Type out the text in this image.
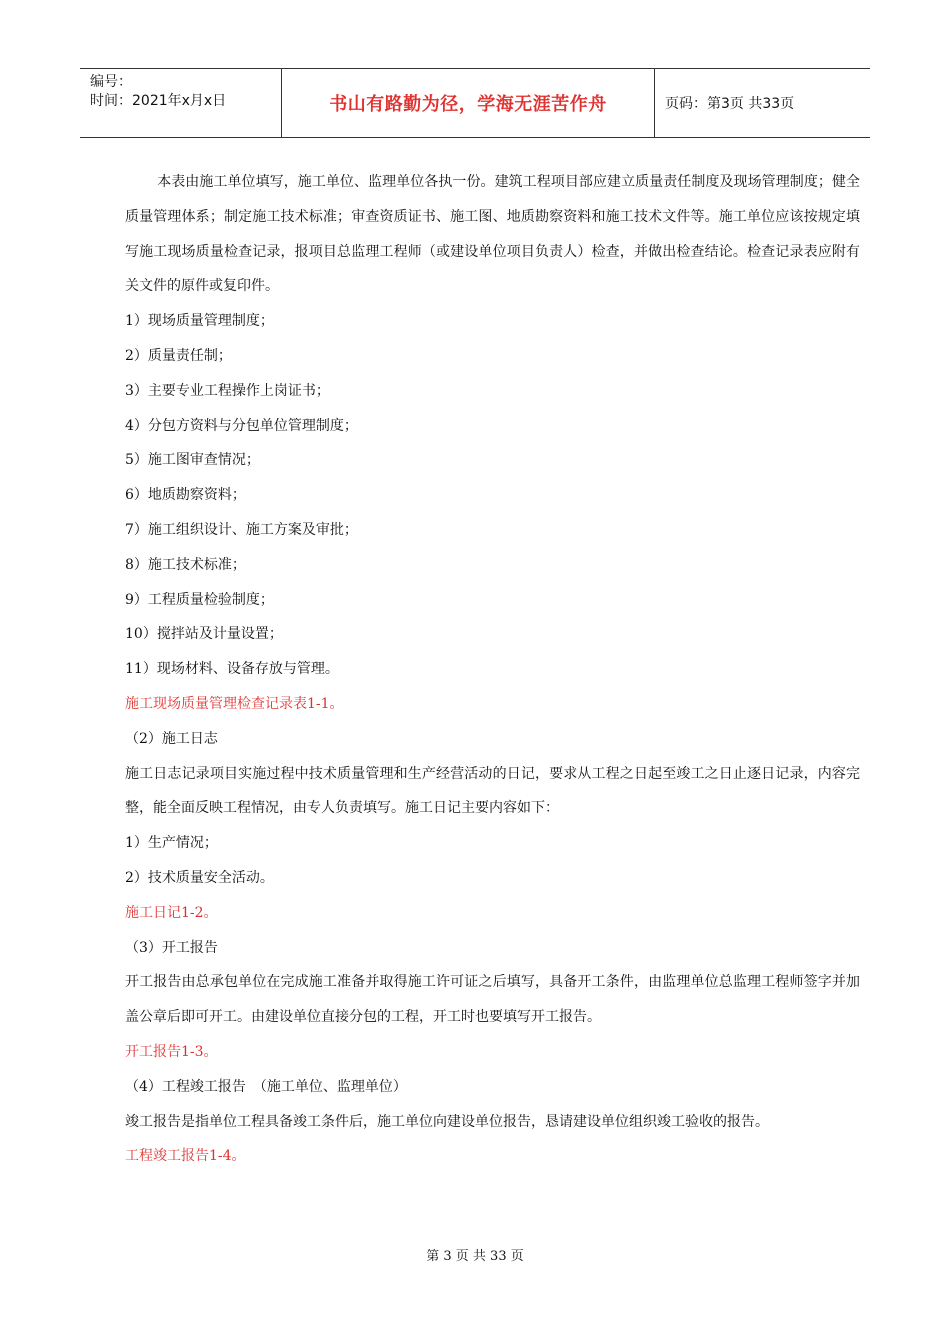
编号：
时间：2021年x月x日	书山有路勤为径，学海无涯苦作舟	页码：第3页 共33页

本表由施工单位填写，施工单位、监理单位各执一份。建筑工程项目部应建立质量责任制度及现场管理制度；健全质量管理体系；制定施工技术标准；审查资质证书、施工图、地质勘察资料和施工技术文件等。施工单位应该按规定填写施工现场质量检查记录，报项目总监理工程师（或建设单位项目负责人）检查，并做出检查结论。检查记录表应附有关文件的原件或复印件。

1）现场质量管理制度；

2）质量责任制；

3）主要专业工程操作上岗证书；

4）分包方资料与分包单位管理制度；

5）施工图审查情况；

6）地质勘察资料；

7）施工组织设计、施工方案及审批；

8）施工技术标准；

9）工程质量检验制度；

10）搅拌站及计量设置；

11）现场材料、设备存放与管理。

施工现场质量管理检查记录表1-1。

（2）施工日志

施工日志记录项目实施过程中技术质量管理和生产经营活动的日记，要求从工程之日起至竣工之日止逐日记录，内容完整，能全面反映工程情况，由专人负责填写。施工日记主要内容如下：

1）生产情况；

2）技术质量安全活动。

施工日记1-2。

（3）开工报告

开工报告由总承包单位在完成施工准备并取得施工许可证之后填写，具备开工条件，由监理单位总监理工程师签字并加盖公章后即可开工。由建设单位直接分包的工程，开工时也要填写开工报告。

开工报告1-3。

（4）工程竣工报告　（施工单位、监理单位）

竣工报告是指单位工程具备竣工条件后，施工单位向建设单位报告，恳请建设单位组织竣工验收的报告。

工程竣工报告1-4。

第 3 页 共 33 页
